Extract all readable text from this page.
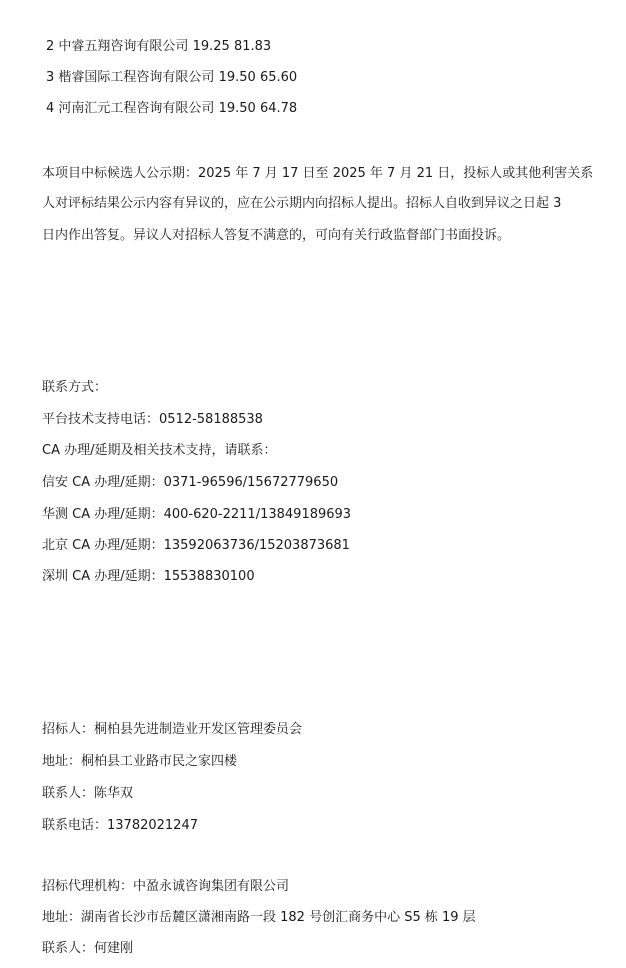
2 中睿五翔咨询有限公司 19.25 81.83
3 楷睿国际工程咨询有限公司 19.50 65.60
4 河南汇元工程咨询有限公司 19.50 64.78
本项目中标候选人公示期：2025 年 7 月 17 日至 2025 年 7 月 21 日，投标人或其他利害关系
人对评标结果公示内容有异议的，应在公示期内向招标人提出。招标人自收到异议之日起 3
日内作出答复。异议人对招标人答复不满意的，可向有关行政监督部门书面投诉。
联系方式：
平台技术支持电话：0512-58188538
CA 办理/延期及相关技术支持，请联系：
信安 CA 办理/延期：0371-96596/15672779650
华测 CA 办理/延期：400-620-2211/13849189693
北京 CA 办理/延期：13592063736/15203873681
深圳 CA 办理/延期：15538830100
招标人：桐柏县先进制造业开发区管理委员会
地址：桐柏县工业路市民之家四楼
联系人：陈华双
联系电话：13782021247
招标代理机构：中盈永诚咨询集团有限公司
地址：湖南省长沙市岳麓区潇湘南路一段 182 号创汇商务中心 S5 栋 19 层
联系人：何建刚
